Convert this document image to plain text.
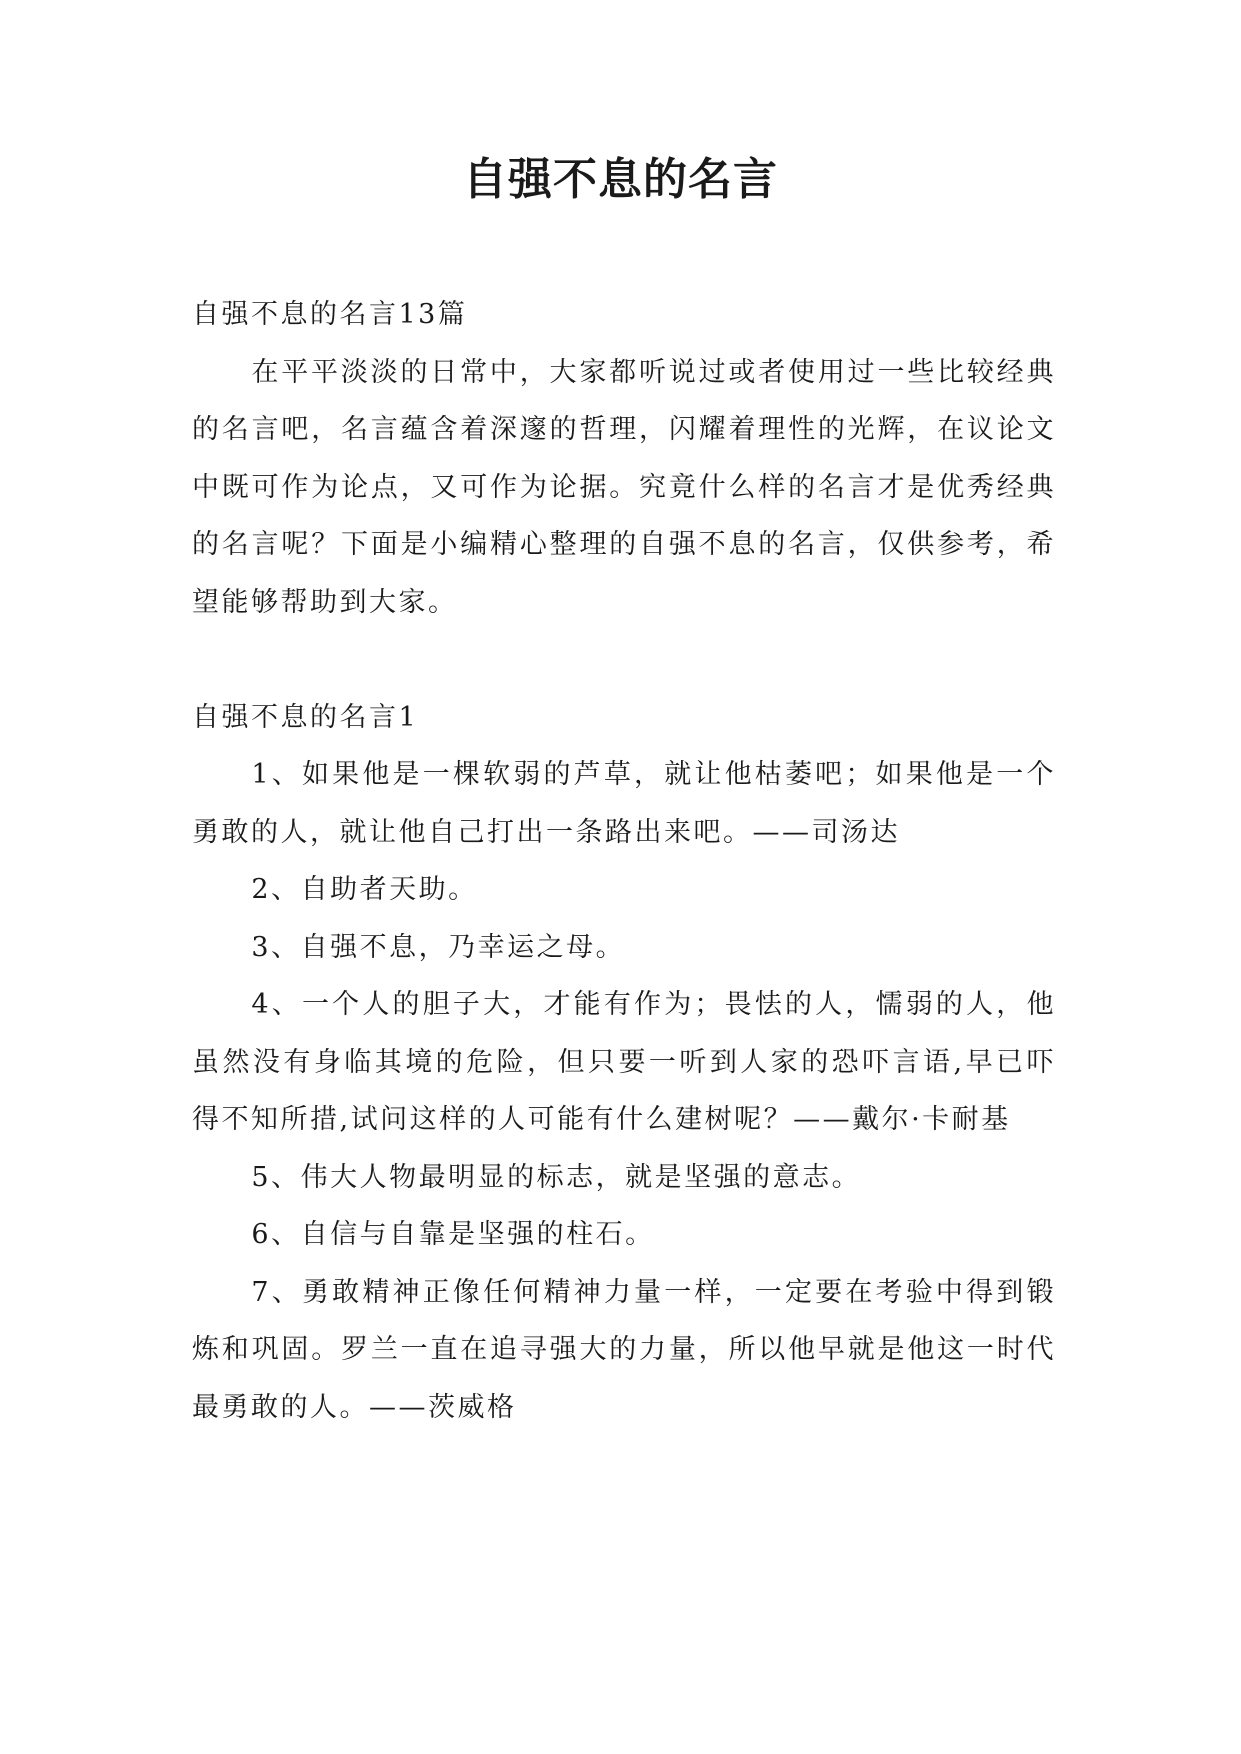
自强不息的名言

自强不息的名言13篇

在平平淡淡的日常中，大家都听说过或者使用过一些比较经典的名言吧，名言蕴含着深邃的哲理，闪耀着理性的光辉，在议论文中既可作为论点，又可作为论据。究竟什么样的名言才是优秀经典的名言呢？下面是小编精心整理的自强不息的名言，仅供参考，希望能够帮助到大家。

自强不息的名言1

1、如果他是一棵软弱的芦草，就让他枯萎吧；如果他是一个勇敢的人，就让他自己打出一条路出来吧。——司汤达

2、自助者天助。

3、自强不息，乃幸运之母。

4、一个人的胆子大，才能有作为；畏怯的人，懦弱的人，他虽然没有身临其境的危险，但只要一听到人家的恐吓言语,早已吓得不知所措,试问这样的人可能有什么建树呢？——戴尔·卡耐基

5、伟大人物最明显的标志，就是坚强的意志。

6、自信与自靠是坚强的柱石。

7、勇敢精神正像任何精神力量一样，一定要在考验中得到锻炼和巩固。罗兰一直在追寻强大的力量，所以他早就是他这一时代最勇敢的人。——茨威格
